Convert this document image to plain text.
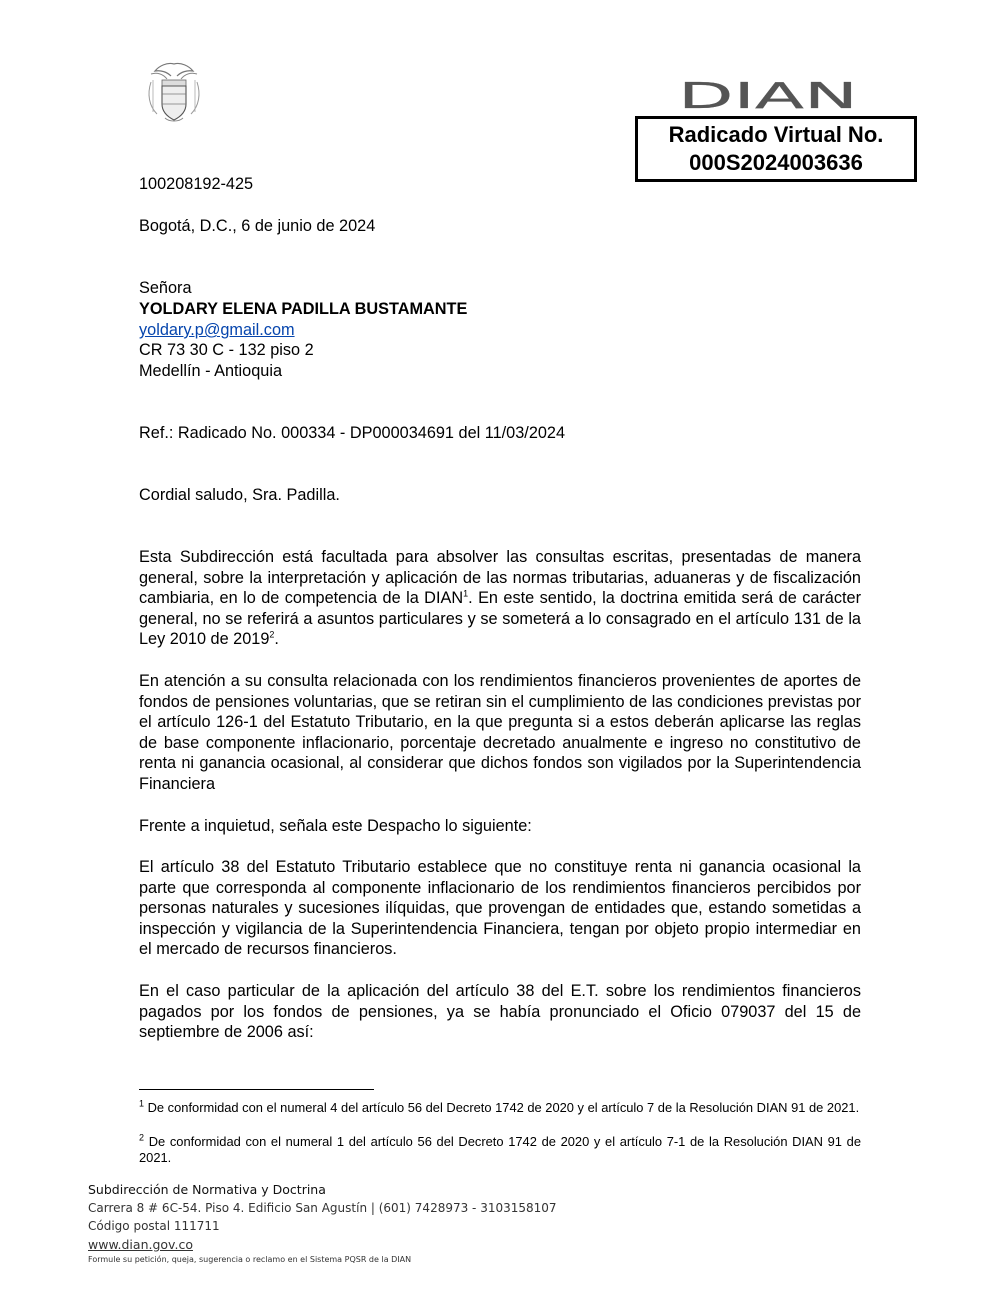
DIAN
Radicado Virtual No.
000S2024003636
100208192-425
Bogotá, D.C., 6 de junio de 2024
Señora
YOLDARY ELENA PADILLA BUSTAMANTE
yoldary.p@gmail.com
CR 73 30 C - 132 piso 2
Medellín - Antioquia
Ref.: Radicado No. 000334 - DP000034691 del 11/03/2024
Cordial saludo, Sra. Padilla.

Esta Subdirección está facultada para absolver las consultas escritas, presentadas de manera general, sobre la interpretación y aplicación de las normas tributarias, aduaneras y de fiscalización cambiaria, en lo de competencia de la DIAN$^1$. En este sentido, la doctrina emitida será de carácter general, no se referirá a asuntos particulares y se someterá a lo consagrado en el artículo 131 de la Ley 2010 de 2019$^2$.

En atención a su consulta relacionada con los rendimientos financieros provenientes de aportes de fondos de pensiones voluntarias, que se retiran sin el cumplimiento de las condiciones previstas por el artículo 126-1 del Estatuto Tributario, en la que pregunta si a estos deberán aplicarse las reglas de base componente inflacionario, porcentaje decretado anualmente e ingreso no constitutivo de renta ni ganancia ocasional, al considerar que dichos fondos son vigilados por la Superintendencia Financiera

Frente a inquietud, señala este Despacho lo siguiente:

El artículo 38 del Estatuto Tributario establece que no constituye renta ni ganancia ocasional la parte que corresponda al componente inflacionario de los rendimientos financieros percibidos por personas naturales y sucesiones ilíquidas, que provengan de entidades que, estando sometidas a inspección y vigilancia de la Superintendencia Financiera, tengan por objeto propio intermediar en el mercado de recursos financieros.

En el caso particular de la aplicación del artículo 38 del E.T. sobre los rendimientos financieros pagados por los fondos de pensiones, ya se había pronunciado el Oficio 079037 del 15 de septiembre de 2006 así:

$^1$ De conformidad con el numeral 4 del artículo 56 del Decreto 1742 de 2020 y el artículo 7 de la Resolución DIAN 91 de 2021.

$^2$ De conformidad con el numeral 1 del artículo 56 del Decreto 1742 de 2020 y el artículo 7-1 de la Resolución DIAN 91 de 2021.

Subdirección de Normativa y Doctrina
Carrera 8 # 6C-54. Piso 4. Edificio San Agustín | (601) 7428973 - 3103158107
Código postal 111711
www.dian.gov.co
Formule su petición, queja, sugerencia o reclamo en el Sistema PQSR de la DIAN
